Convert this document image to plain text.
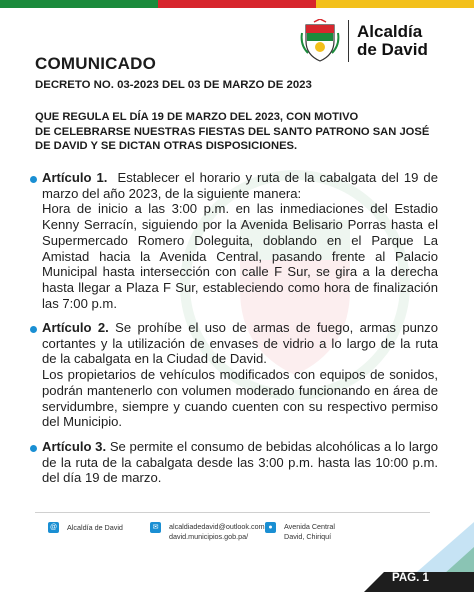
Alcaldía
de David
COMUNICADO
DECRETO NO. 03-2023 DEL 03 DE MARZO DE 2023
QUE REGULA EL DÍA 19 DE MARZO DEL 2023, CON MOTIVO
DE CELEBRARSE NUESTRAS FIESTAS DEL SANTO PATRONO SAN JOSÉ
DE DAVID Y SE DICTAN OTRAS DISPOSICIONES.

Artículo 1. Establecer el horario y ruta de la cabalgata del 19 de marzo del año 2023, de la siguiente manera:

Hora de inicio a las 3:00 p.m. en las inmediaciones del Estadio Kenny Serracín, siguiendo por la Avenida Belisario Porras hasta el Supermercado Romero Doleguita, doblando en el Parque La Amistad hacia la Avenida Central, pasando frente al Palacio Municipal hasta intersección con calle F Sur, se gira a la derecha hasta llegar a Plaza F Sur, estableciendo como hora de finalización las 7:00 p.m.

Artículo 2. Se prohíbe el uso de armas de fuego, armas punzo cortantes y la utilización de envases de vidrio a lo largo de la ruta de la cabalgata en la Ciudad de David.

Los propietarios de vehículos modificados con equipos de sonidos, podrán mantenerlo con volumen moderado funcionando en área de servidumbre, siempre y cuando cuenten con su respectivo permiso del Municipio.

Artículo 3. Se permite el consumo de bebidas alcohólicas a lo largo de la ruta de la cabalgata desde las 3:00 p.m. hasta las 10:00 p.m. del día 19 de marzo.

@ Alcaldía de David	✉	alcaldiadedavid@outlook.com
david.municipios.gob.pa/
●	Avenida Central
David, Chiriquí
PAG. 1
